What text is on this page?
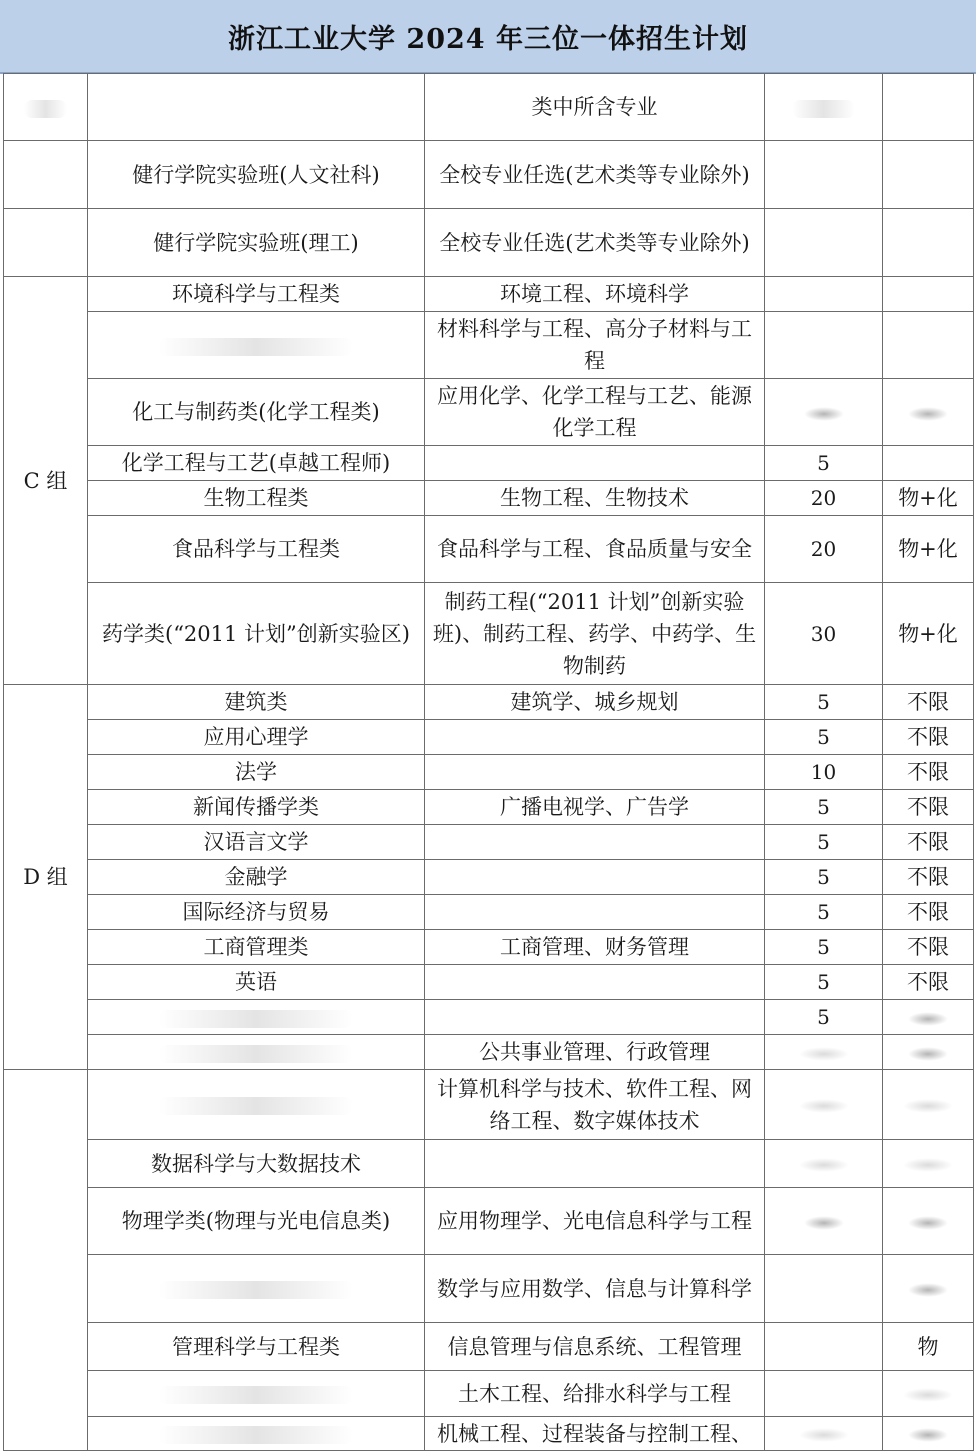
浙江工业大学 2024 年三位一体招生计划
		类中所含专业		
	健行学院实验班(人文社科)	全校专业任选(艺术类等专业除外)		
	健行学院实验班(理工)	全校专业任选(艺术类等专业除外)		
C 组	环境科学与工程类	环境工程、环境科学		
		材料科学与工程、高分子材料与工程		
	化工与制药类(化学工程类)	应用化学、化学工程与工艺、能源化学工程		
	化学工程与工艺(卓越工程师)		5	
	生物工程类	生物工程、生物技术	20	物+化
	食品科学与工程类	食品科学与工程、食品质量与安全	20	物+化
	药学类(“2011 计划”创新实验区)	制药工程(“2011 计划”创新实验班)、制药工程、药学、中药学、生物制药	30	物+化
D 组	建筑类	建筑学、城乡规划	5	不限
	应用心理学		5	不限
	法学		10	不限
	新闻传播学类	广播电视学、广告学	5	不限
	汉语言文学		5	不限
	金融学		5	不限
	国际经济与贸易		5	不限
	工商管理类	工商管理、财务管理	5	不限
	英语		5	不限
			5	
		公共事业管理、行政管理		
		计算机科学与技术、软件工程、网络工程、数字媒体技术		
	数据科学与大数据技术			
	物理学类(物理与光电信息类)	应用物理学、光电信息科学与工程		
		数学与应用数学、信息与计算科学		
	管理科学与工程类	信息管理与信息系统、工程管理		物
		土木工程、给排水科学与工程		
		机械工程、过程装备与控制工程、		
